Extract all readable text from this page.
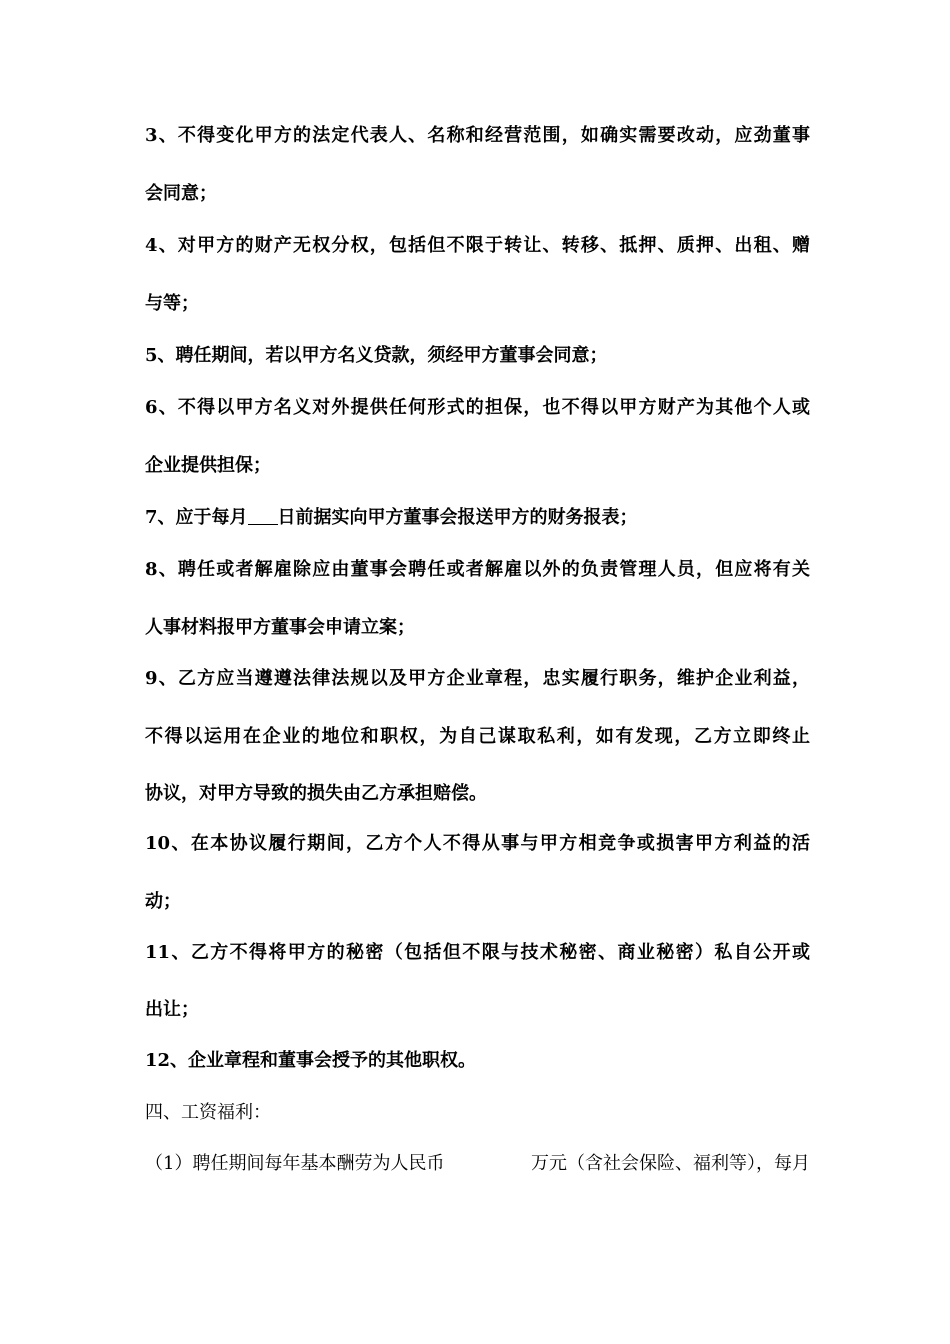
3、不得变化甲方的法定代表人、名称和经营范围，如确实需要改动，应劲董事
会同意；
4、对甲方的财产无权分权，包括但不限于转让、转移、抵押、质押、出租、赠
与等；
5、聘任期间，若以甲方名义贷款，须经甲方董事会同意；
6、不得以甲方名义对外提供任何形式的担保，也不得以甲方财产为其他个人或
企业提供担保；
7、应于每月 日前据实向甲方董事会报送甲方的财务报表；
8、聘任或者解雇除应由董事会聘任或者解雇以外的负责管理人员，但应将有关
人事材料报甲方董事会申请立案；
9、乙方应当遵遵法律法规以及甲方企业章程，忠实履行职务，维护企业利益，
不得以运用在企业的地位和职权，为自己谋取私利，如有发现，乙方立即终止
协议，对甲方导致的损失由乙方承担赔偿。
10、在本协议履行期间，乙方个人不得从事与甲方相竞争或损害甲方利益的活
动；
11、乙方不得将甲方的秘密（包括但不限与技术秘密、商业秘密）私自公开或
出让；
12、企业章程和董事会授予的其他职权。
四、工资福利：
（1）聘任期间每年基本酬劳为人民币	万元（含社会保险、福利等），每月
